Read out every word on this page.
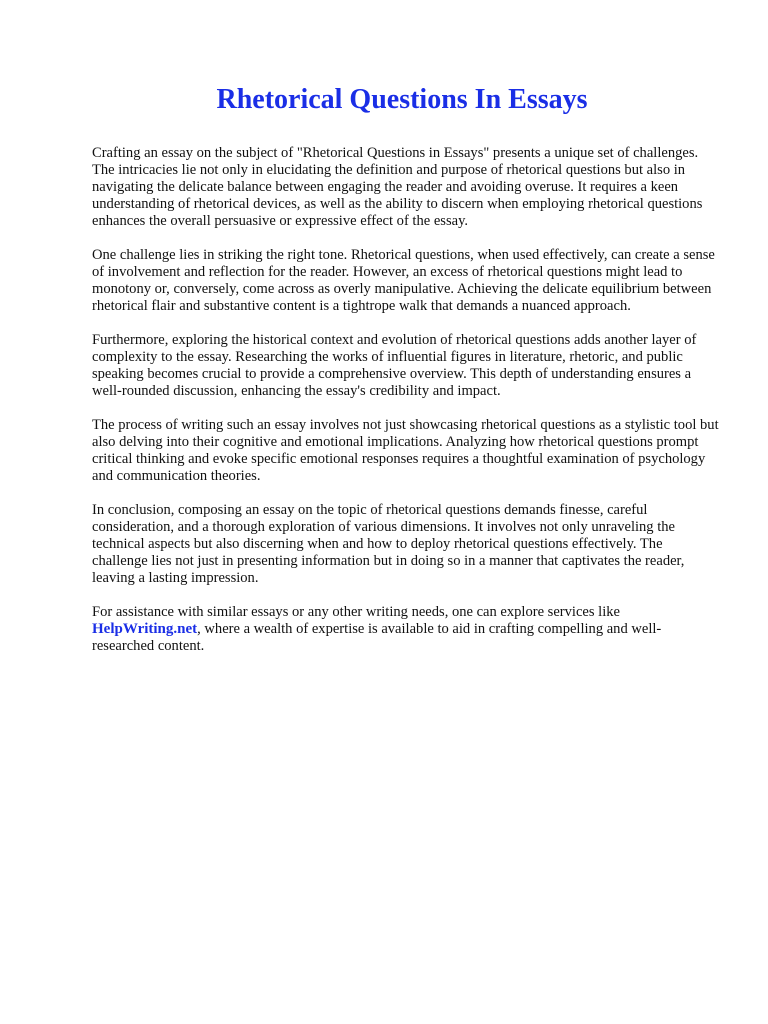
Rhetorical Questions In Essays

Crafting an essay on the subject of "Rhetorical Questions in Essays" presents a unique set of challenges. The intricacies lie not only in elucidating the definition and purpose of rhetorical questions but also in navigating the delicate balance between engaging the reader and avoiding overuse. It requires a keen understanding of rhetorical devices, as well as the ability to discern when employing rhetorical questions enhances the overall persuasive or expressive effect of the essay.

One challenge lies in striking the right tone. Rhetorical questions, when used effectively, can create a sense of involvement and reflection for the reader. However, an excess of rhetorical questions might lead to monotony or, conversely, come across as overly manipulative. Achieving the delicate equilibrium between rhetorical flair and substantive content is a tightrope walk that demands a nuanced approach.

Furthermore, exploring the historical context and evolution of rhetorical questions adds another layer of complexity to the essay. Researching the works of influential figures in literature, rhetoric, and public speaking becomes crucial to provide a comprehensive overview. This depth of understanding ensures a well-rounded discussion, enhancing the essay's credibility and impact.

The process of writing such an essay involves not just showcasing rhetorical questions as a stylistic tool but also delving into their cognitive and emotional implications. Analyzing how rhetorical questions prompt critical thinking and evoke specific emotional responses requires a thoughtful examination of psychology and communication theories.

In conclusion, composing an essay on the topic of rhetorical questions demands finesse, careful consideration, and a thorough exploration of various dimensions. It involves not only unraveling the technical aspects but also discerning when and how to deploy rhetorical questions effectively. The challenge lies not just in presenting information but in doing so in a manner that captivates the reader, leaving a lasting impression.

For assistance with similar essays or any other writing needs, one can explore services like HelpWriting.net, where a wealth of expertise is available to aid in crafting compelling and well-researched content.
